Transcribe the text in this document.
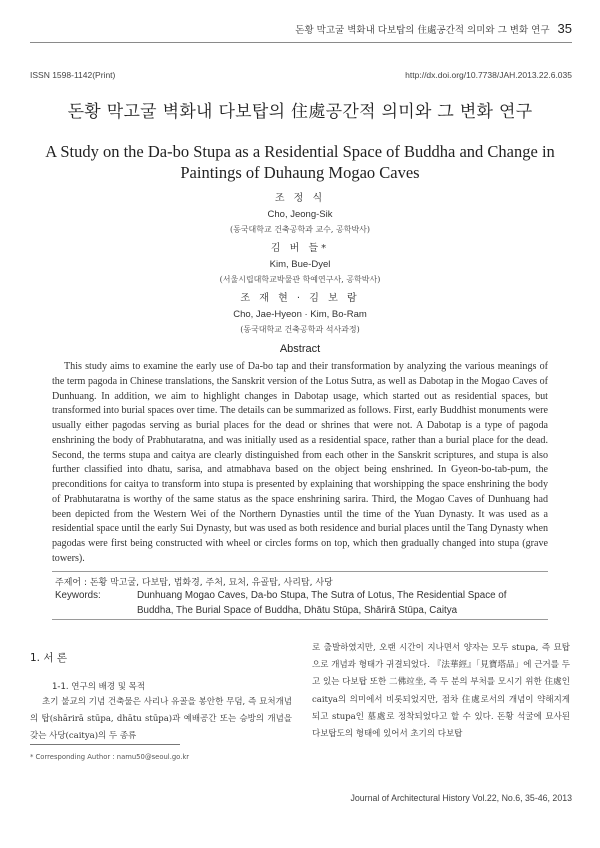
돈황 막고굴 벽화내 다보탑의 住處공간적 의미와 그 변화 연구 35
ISSN 1598-1142(Print)	http://dx.doi.org/10.7738/JAH.2013.22.6.035
돈황 막고굴 벽화내 다보탑의 住處공간적 의미와 그 변화 연구
A Study on the Da-bo Stupa as a Residential Space of Buddha and Change in Paintings of Duhaung Mogao Caves
조 정 식
Cho, Jeong-Sik
(동국대학교 건축공학과 교수, 공학박사)
김 버 들*
Kim, Bue-Dyel
(서울시립대학교박물관 학예연구사, 공학박사)
조 재 현 · 김 보 람
Cho, Jae-Hyeon · Kim, Bo-Ram
(동국대학교 건축공학과 석사과정)
Abstract

This study aims to examine the early use of Da-bo tap and their transformation by analyzing the various meanings of the term pagoda in Chinese translations, the Sanskrit version of the Lotus Sutra, as well as Dabotap in the Mogao Caves of Dunhuang. In addition, we aim to highlight changes in Dabotap usage, which started out as residential spaces, but transformed into burial spaces over time. The details can be summarized as follows. First, early Buddhist monuments were usually either pagodas serving as burial places for the dead or shrines that were not. A Dabotap is a type of pagoda enshrining the body of Prabhutaratna, and was initially used as a residential space, rather than a burial place for the dead. Second, the terms stupa and caitya are clearly distinguished from each other in the Sanskrit scriptures, and stupa is also further classified into dhatu, sarisa, and atmabhava based on the object being enshrined. In Gyeon-bo-tab-pum, the preconditions for caitya to transform into stupa is presented by explaining that worshipping the space enshrining the body of Prabhutaratna is worthy of the same status as the space enshrining sarira. Third, the Mogao Caves of Dunhuang had been depicted from the Western Wei of the Northern Dynasties until the time of the Yuan Dynasty. It was used as a residential space until the early Sui Dynasty, but was used as both residence and burial places until the Tang Dynasty when pagodas were first being constructed with wheel or circles forms on top, which then gradually changed into stupa (grave towers).

주제어 : 돈황 막고굴, 다보탑, 법화경, 주처, 묘처, 유골탑, 사리탑, 사당
Keywords:	Dunhuang Mogao Caves, Da-bo Stupa, The Sutra of Lotus, The Residential Space of
Buddha, The Burial Space of Buddha, Dhātu Stūpa, Shārirā Stūpa, Caitya
1. 서 론
1-1. 연구의 배경 및 목적

초기 불교의 기념 건축물은 사리나 유골을 봉안한 무덤, 즉 묘처개념의 탑(shārirā stūpa, dhātu stūpa)과 예배공간 또는 승방의 개념을 갖는 사당(caitya)의 두 종류

로 출발하였지만, 오랜 시간이 지나면서 양자는 모두 stupa, 즉 묘탑으로 개념과 형태가 귀결되었다. 『法華經』「見寶塔品」에 근거를 두고 있는 다보탑 또한 二佛竝坐, 즉 두 분의 부처를 모시기 위한 住處인 caitya의 의미에서 비롯되었지만, 점차 住處로서의 개념이 약해지게 되고 stupa인 墓處로 정착되었다고 할 수 있다. 돈황 석굴에 묘사된 다보탑도의 형태에 있어서 초기의 다보탑

* Corresponding Author : namu50@seoul.go.kr
Journal of Architectural History Vol.22, No.6, 35-46, 2013
